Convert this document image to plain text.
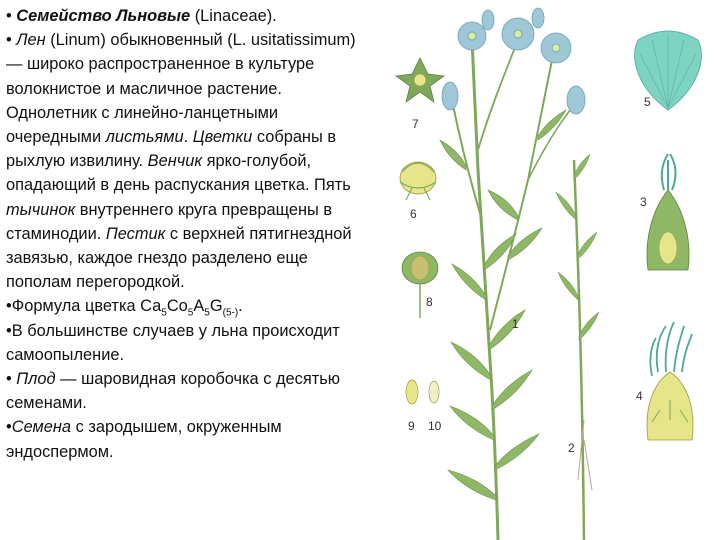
• Семейство Льновые (Linaceae).

• Лен (Linum) обыкновенный (L. usitatissimum) — широко распространенное в культуре волокнистое и масличное растение. Однолетник с линейно-ланцетными очередными листьями. Цветки собраны в рыхлую извилину. Венчик ярко-голубой, опадающий в день распускания цветка. Пять тычинок внутреннего круга превращены в стаминодии. Пестик с верхней пятигнездной завязью, каждое гнездо разделено еще пополам перегородкой.

•Формула цветка $Са_5Со_5А_5G_{(5-)}$.

•В большинстве случаев у льна происходит самоопыление.

• Плод — шаровидная коробочка с десятью семенами.

•Семена с зародышем, окруженным эндоспермом.

1
2
3
4
5
6
7
8
9 10
